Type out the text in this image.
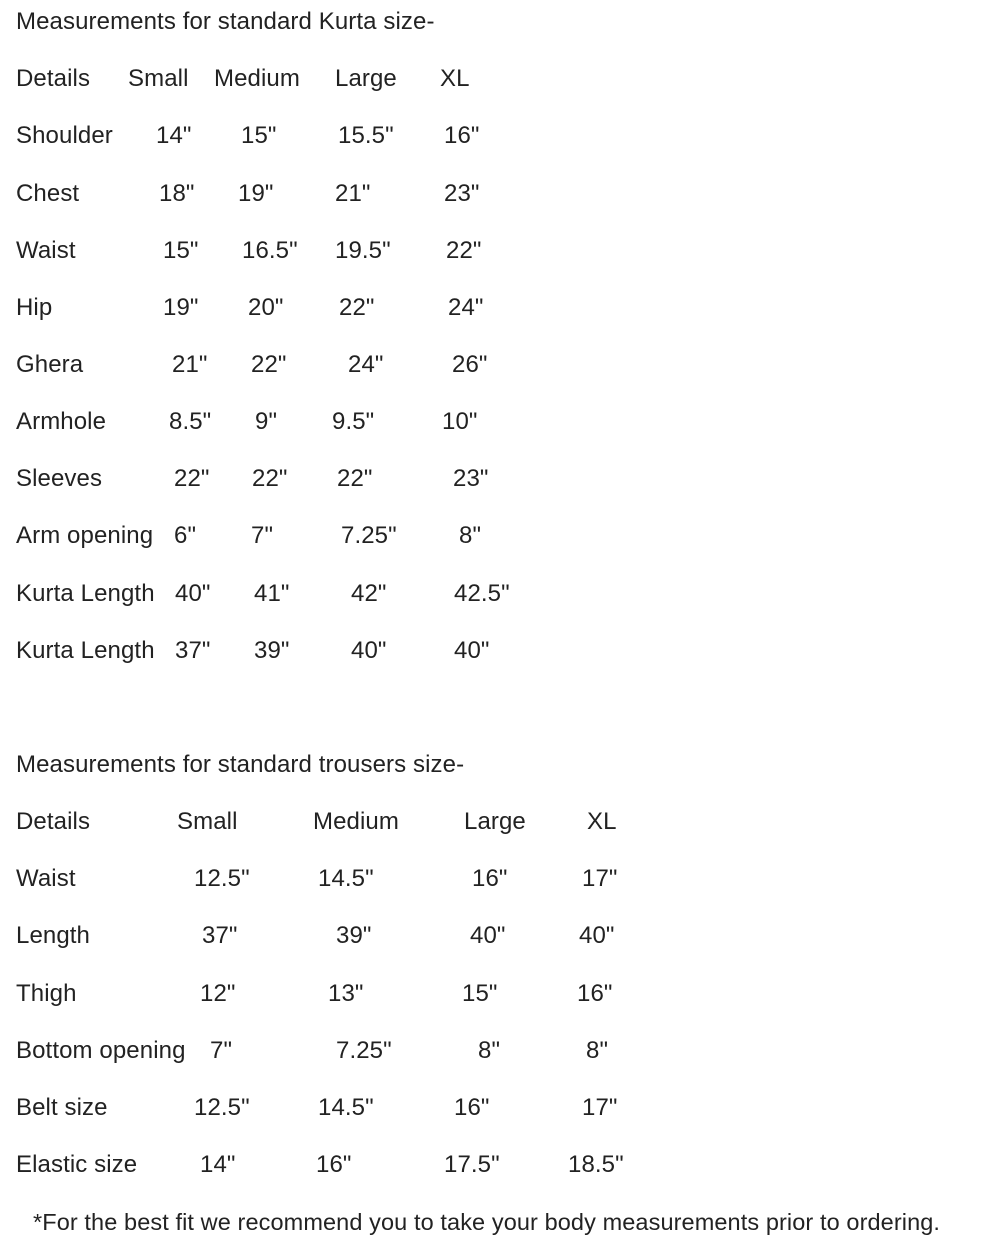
Measurements for standard Kurta size-
Details Small Medium Large XL
Shoulder 14" 15"	15.5" 16"
Chest	18" 19"	21"	23"
Waist	15" 16.5" 19.5" 22"
Hip	19" 20" 22"	24"
Ghera	21" 22"	24"	26"
Armhole	8.5" 9" 9.5"	10"
Sleeves	22" 22" 22"	23"
Arm opening 6" 7"	7.25"	8"
Kurta Length 40" 41"	42"	42.5"
Kurta Length 37" 39"	40"	40"
Measurements for standard trousers size-
Details	Small	Medium	Large	XL
Waist	12.5"	14.5"	16"	17"
Length	37"	39"	40"	40"
Thigh	12"	13"	15"	16"
Bottom opening 7"	7.25"	8"	8"
Belt size	12.5"	14.5"	16"	17"
Elastic size	14"	16"	17.5"	18.5"
*For the best fit we recommend you to take your body measurements prior to ordering.
